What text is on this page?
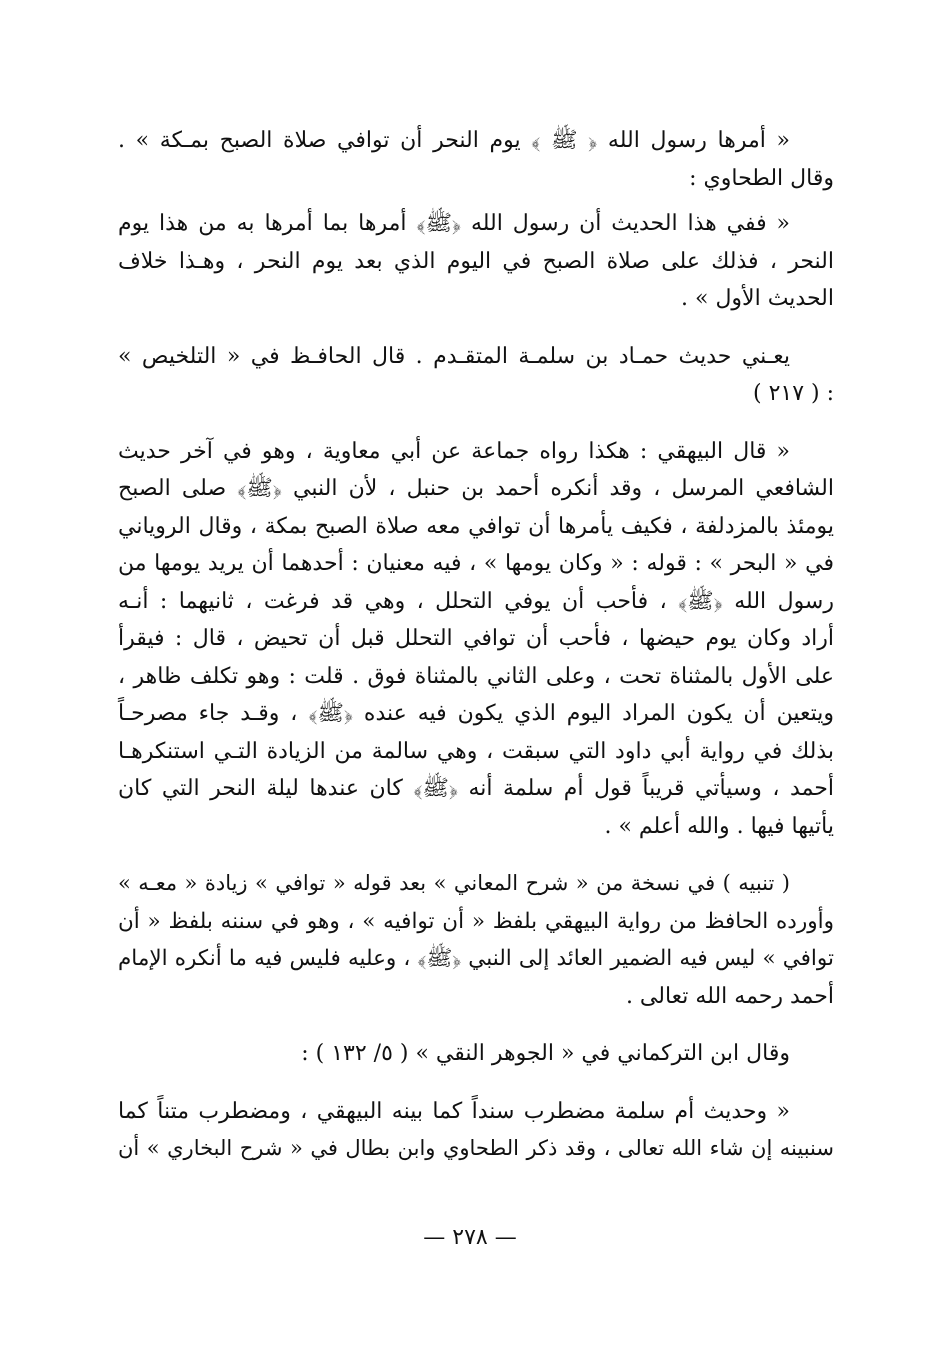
« أمرها رسول الله ﴿ ﷺ ﴾ يوم النحر أن توافي صلاة الصبح بمـكة » .
وقال الطحاوي :
« ففي هذا الحديث أن رسول الله ﴿ﷺ﴾ أمرها بما أمرها به من هذا يوم
النحر ، فذلك على صلاة الصبح في اليوم الذي بعد يوم النحر ، وهـذا خلاف
الحديث الأول » .
يعـني حديث حمـاد بن سلمـة المتقـدم . قال الحافـظ في « التلخيص »
: ( ٢١٧ )
« قال البيهقي : هكذا رواه جماعة عن أبي معاوية ، وهو في آخر حديث
الشافعي المرسل ، وقد أنكره أحمد بن حنبل ، لأن النبي ﴿ﷺ﴾ صلى الصبح
يومئذ بالمزدلفة ، فكيف يأمرها أن توافي معه صلاة الصبح بمكة ، وقال الروياني
في « البحر » : قوله : « وكان يومها » ، فيه معنيان : أحدهما أن يريد يومها من
رسول الله ﴿ﷺ﴾ ، فأحب أن يوفي التحلل ، وهي قد فرغت ، ثانيهما : أنـه
أراد وكان يوم حيضها ، فأحب أن توافي التحلل قبل أن تحيض ، قال : فيقرأ
على الأول بالمثناة تحت ، وعلى الثاني بالمثناة فوق . قلت : وهو تكلف ظاهر ،
ويتعين أن يكون المراد اليوم الذي يكون فيه عنده ﴿ﷺ﴾ ، وقـد جاء مصرحـاً
بذلك في رواية أبي داود التي سبقت ، وهي سالمة من الزيادة التـي استنكرهـا
أحمد ، وسيأتي قريباً قول أم سلمة أنه ﴿ﷺ﴾ كان عندها ليلة النحر التي كان
يأتيها فيها . والله أعلم » .
( تنبيه ) في نسخة من « شرح المعاني » بعد قوله « توافي » زيادة « معـه »
وأورده الحافظ من رواية البيهقي بلفظ « أن توافيه » ، وهو في سننه بلفظ « أن
توافي » ليس فيه الضمير العائد إلى النبي ﴿ﷺ﴾ ، وعليه فليس فيه ما أنكره الإمام
أحمد رحمه الله تعالى .
وقال ابن التركماني في « الجوهر النقي » ( ٥/ ١٣٢ ) :
« وحديث أم سلمة مضطرب سنداً كما بينه البيهقي ، ومضطرب متناً كما
سنبينه إن شاء الله تعالى ، وقد ذكر الطحاوي وابن بطال في « شرح البخاري » أن
— ٢٧٨ —
